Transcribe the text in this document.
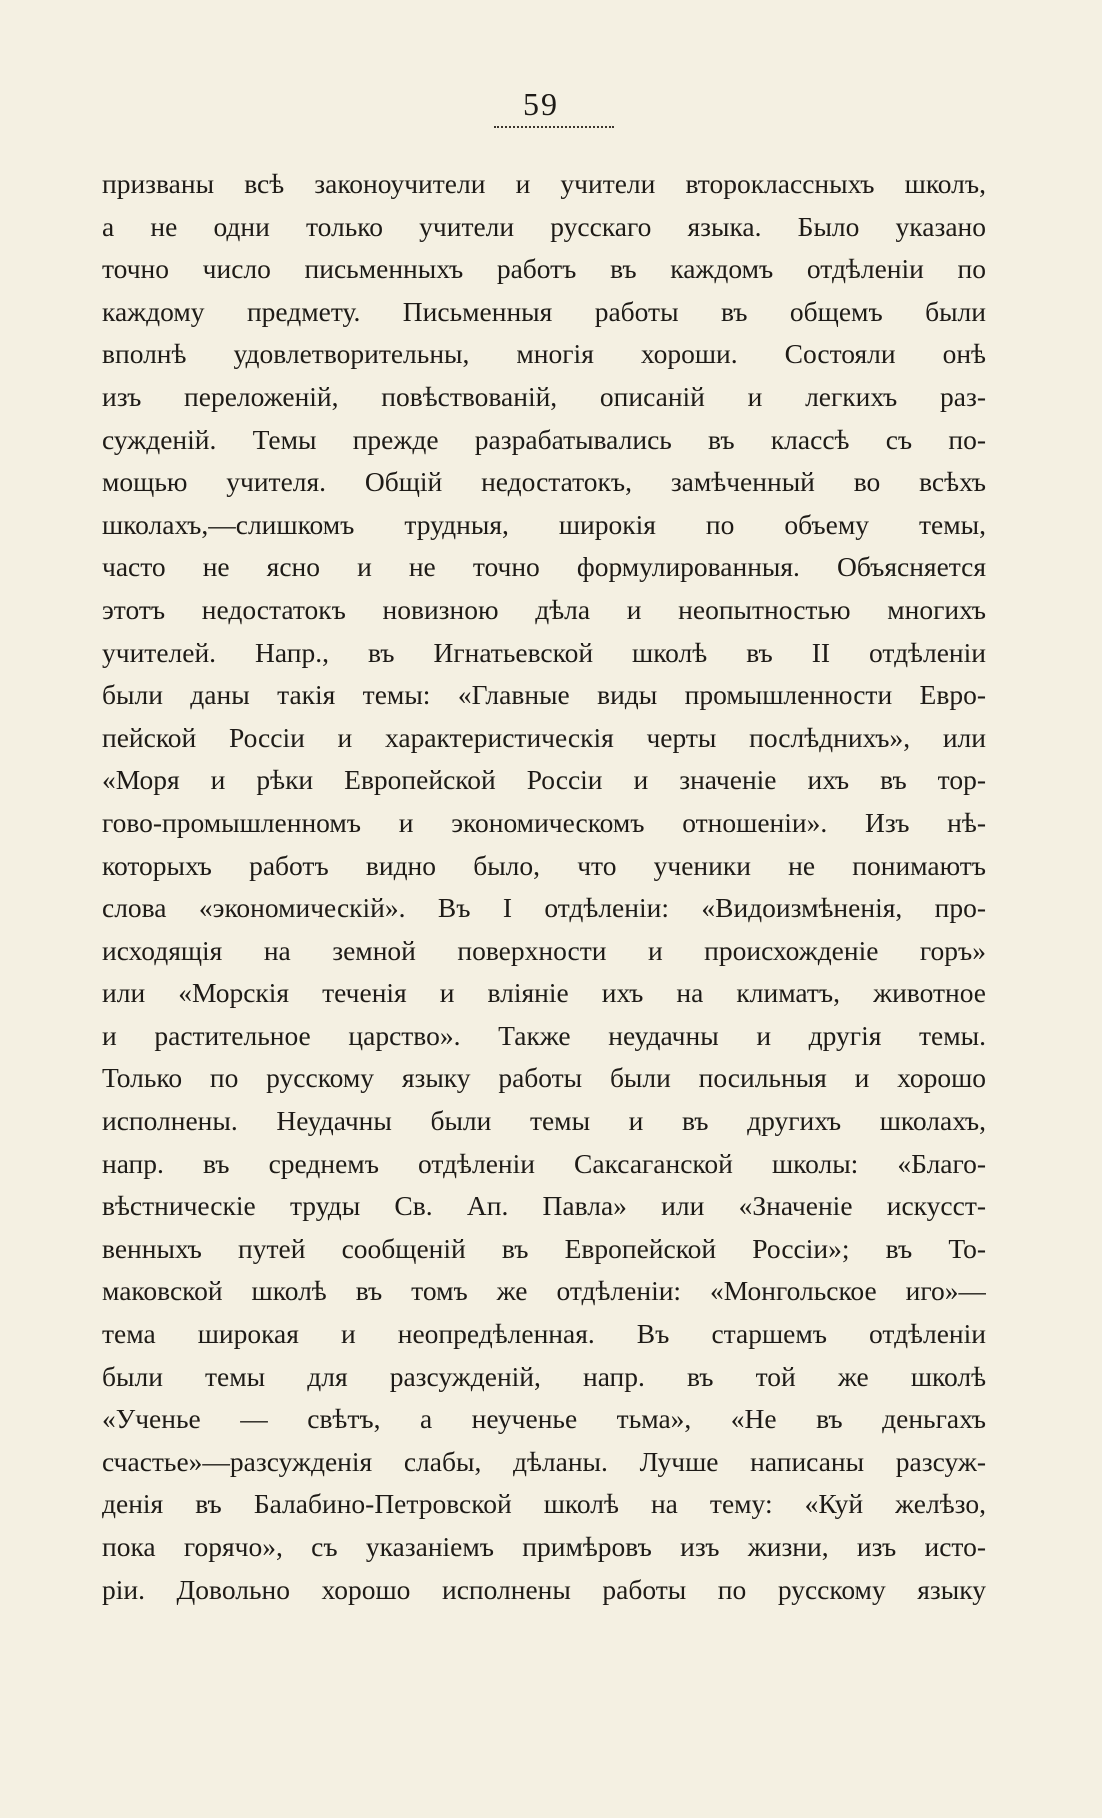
59
призваны всѣ законоучители и учители второклассныхъ школъ,
а не одни только учители русскаго языка. Было указано
точно число письменныхъ работъ въ каждомъ отдѣленіи по
каждому предмету. Письменныя работы въ общемъ были
вполнѣ удовлетворительны, многія хороши. Состояли онѣ
изъ переложеній, повѣствованій, описаній и легкихъ раз-
сужденій. Темы прежде разрабатывались въ классѣ съ по-
мощью учителя. Общій недостатокъ, замѣченный во всѣхъ
школахъ,—слишкомъ трудныя, широкія по объему темы,
часто не ясно и не точно формулированныя. Объясняется
этотъ недостатокъ новизною дѣла и неопытностью многихъ
учителей. Напр., въ Игнатьевской школѣ въ II отдѣленіи
были даны такія темы: «Главные виды промышленности Евро-
пейской Россіи и характеристическія черты послѣднихъ», или
«Моря и рѣки Европейской Россіи и значеніе ихъ въ тор-
гово-промышленномъ и экономическомъ отношеніи». Изъ нѣ-
которыхъ работъ видно было, что ученики не понимаютъ
слова «экономическій». Въ I отдѣленіи: «Видоизмѣненія, про-
исходящія на земной поверхности и происхожденіе горъ»
или «Морскія теченія и вліяніе ихъ на климатъ, животное
и растительное царство». Также неудачны и другія темы.
Только по русскому языку работы были посильныя и хорошо
исполнены. Неудачны были темы и въ другихъ школахъ,
напр. въ среднемъ отдѣленіи Саксаганской школы: «Благо-
вѣстническіе труды Св. Ап. Павла» или «Значеніе искусст-
венныхъ путей сообщеній въ Европейской Россіи»; въ То-
маковской школѣ въ томъ же отдѣленіи: «Монгольское иго»—
тема широкая и неопредѣленная. Въ старшемъ отдѣленіи
были темы для разсужденій, напр. въ той же школѣ
«Ученье — свѣтъ, а неученье тьма», «Не въ деньгахъ
счастье»—разсужденія слабы, дѣланы. Лучше написаны разсуж-
денія въ Балабино-Петровской школѣ на тему: «Куй желѣзо,
пока горячо», съ указаніемъ примѣровъ изъ жизни, изъ исто-
ріи. Довольно хорошо исполнены работы по русскому языку
